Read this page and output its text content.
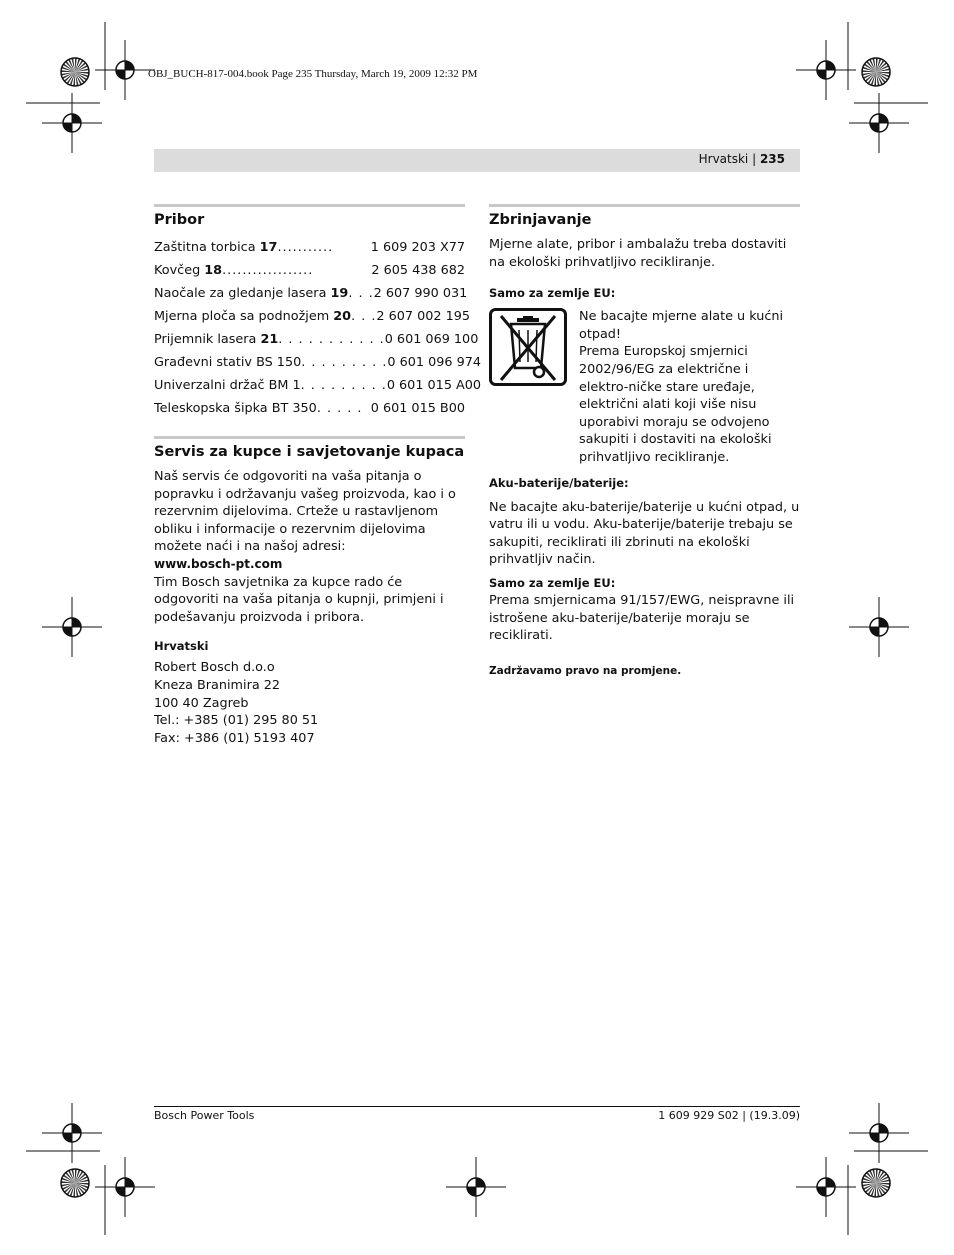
OBJ_BUCH-817-004.book Page 235 Thursday, March 19, 2009 12:32 PM
Hrvatski | 235
Pribor
Zaštitna torbica 17 ...........	1 609 203 X77
Kovčeg 18 ..................	2 605 438 682
Naočale za gledanje lasera 19 . . . 2 607 990 031
Mjerna ploča sa podnožjem 20 . . . 2 607 002 195
Prijemnik lasera 21 . . . . . . . . . . . 0 601 069 100
Građevni stativ BS 150 . . . . . . . . . 0 601 096 974
Univerzalni držač BM 1 . . . . . . . . . 0 601 015 A00
Teleskopska šipka BT 350 . . . . . 0 601 015 B00
Servis za kupce i savjetovanje kupaca

Naš servis će odgovoriti na vaša pitanja o popravku i održavanju vašeg proizvoda, kao i o rezervnim dijelovima. Crteže u rastavljenom obliku i informacije o rezervnim dijelovima možete naći i na našoj adresi:

www.bosch-pt.com

Tim Bosch savjetnika za kupce rado će odgovoriti na vaša pitanja o kupnji, primjeni i podešavanju proizvoda i pribora.

Hrvatski
Robert Bosch d.o.o
Kneza Branimira 22
100 40 Zagreb
Tel.: +385 (01) 295 80 51
Fax: +386 (01) 5193 407
Zbrinjavanje

Mjerne alate, pribor i ambalažu treba dostaviti na ekološki prihvatljivo recikliranje.

Samo za zemlje EU:

Ne bacajte mjerne alate u kućni otpad!

Prema Europskoj smjernici 2002/96/EG za električne i elektro-ničke stare uređaje, električni alati koji više nisu uporabivi moraju se odvojeno sakupiti i dostaviti na ekološki prihvatljivo recikliranje.

Aku-baterije/baterije:

Ne bacajte aku-baterije/baterije u kućni otpad, u vatru ili u vodu. Aku-baterije/baterije trebaju se sakupiti, reciklirati ili zbrinuti na ekološki prihvatljiv način.

Samo za zemlje EU:

Prema smjernicama 91/157/EWG, neispravne ili istrošene aku-baterije/baterije moraju se reciklirati.

Zadržavamo pravo na promjene.
Bosch Power Tools	1 609 929 S02 | (19.3.09)
